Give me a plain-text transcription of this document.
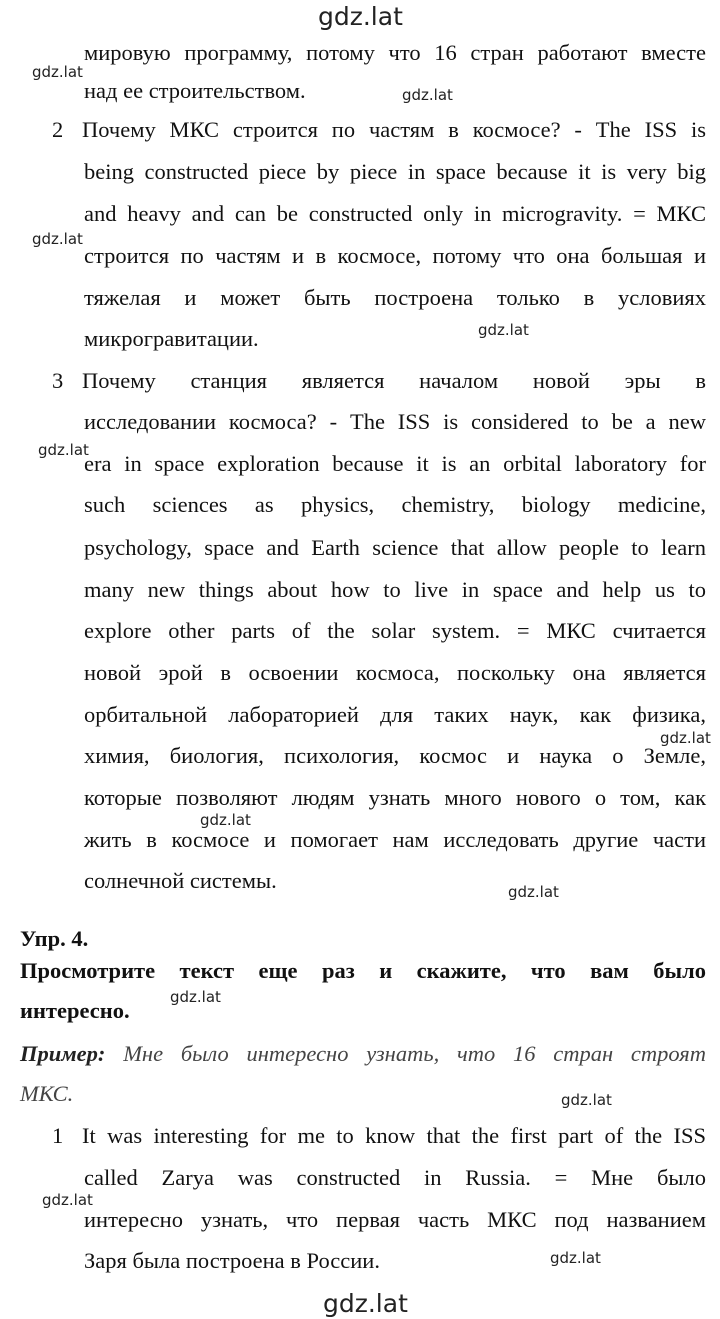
gdz.lat
gdz.lat
gdz.lat
gdz.lat
gdz.lat
gdz.lat
gdz.lat
gdz.lat
gdz.lat
gdz.lat
gdz.lat
gdz.lat
gdz.lat
gdz.lat
мировую программу, потому что 16 стран работают вместе
над ее строительством.
2 Почему МКС строится по частям в космосе? - The ISS is
being constructed piece by piece in space because it is very big
and heavy and can be constructed only in microgravity. = МКС
строится по частям и в космосе, потому что она большая и
тяжелая и может быть построена только в условиях
микрогравитации.
3 Почему станция является началом новой эры в
исследовании космоса? - The ISS is considered to be a new
era in space exploration because it is an orbital laboratory for
such sciences as physics, chemistry, biology medicine,
psychology, space and Earth science that allow people to learn
many new things about how to live in space and help us to
explore other parts of the solar system. = МКС считается
новой эрой в освоении космоса, поскольку она является
орбитальной лабораторией для таких наук, как физика,
химия, биология, психология, космос и наука о Земле,
которые позволяют людям узнать много нового о том, как
жить в космосе и помогает нам исследовать другие части
солнечной системы.
Упр. 4.
Просмотрите текст еще раз и скажите, что вам было
интересно.
Пример: Мне было интересно узнать, что 16 стран строят
МКС.
1 It was interesting for me to know that the first part of the ISS
called Zarya was constructed in Russia. = Мне было
интересно узнать, что первая часть МКС под названием
Заря была построена в России.
